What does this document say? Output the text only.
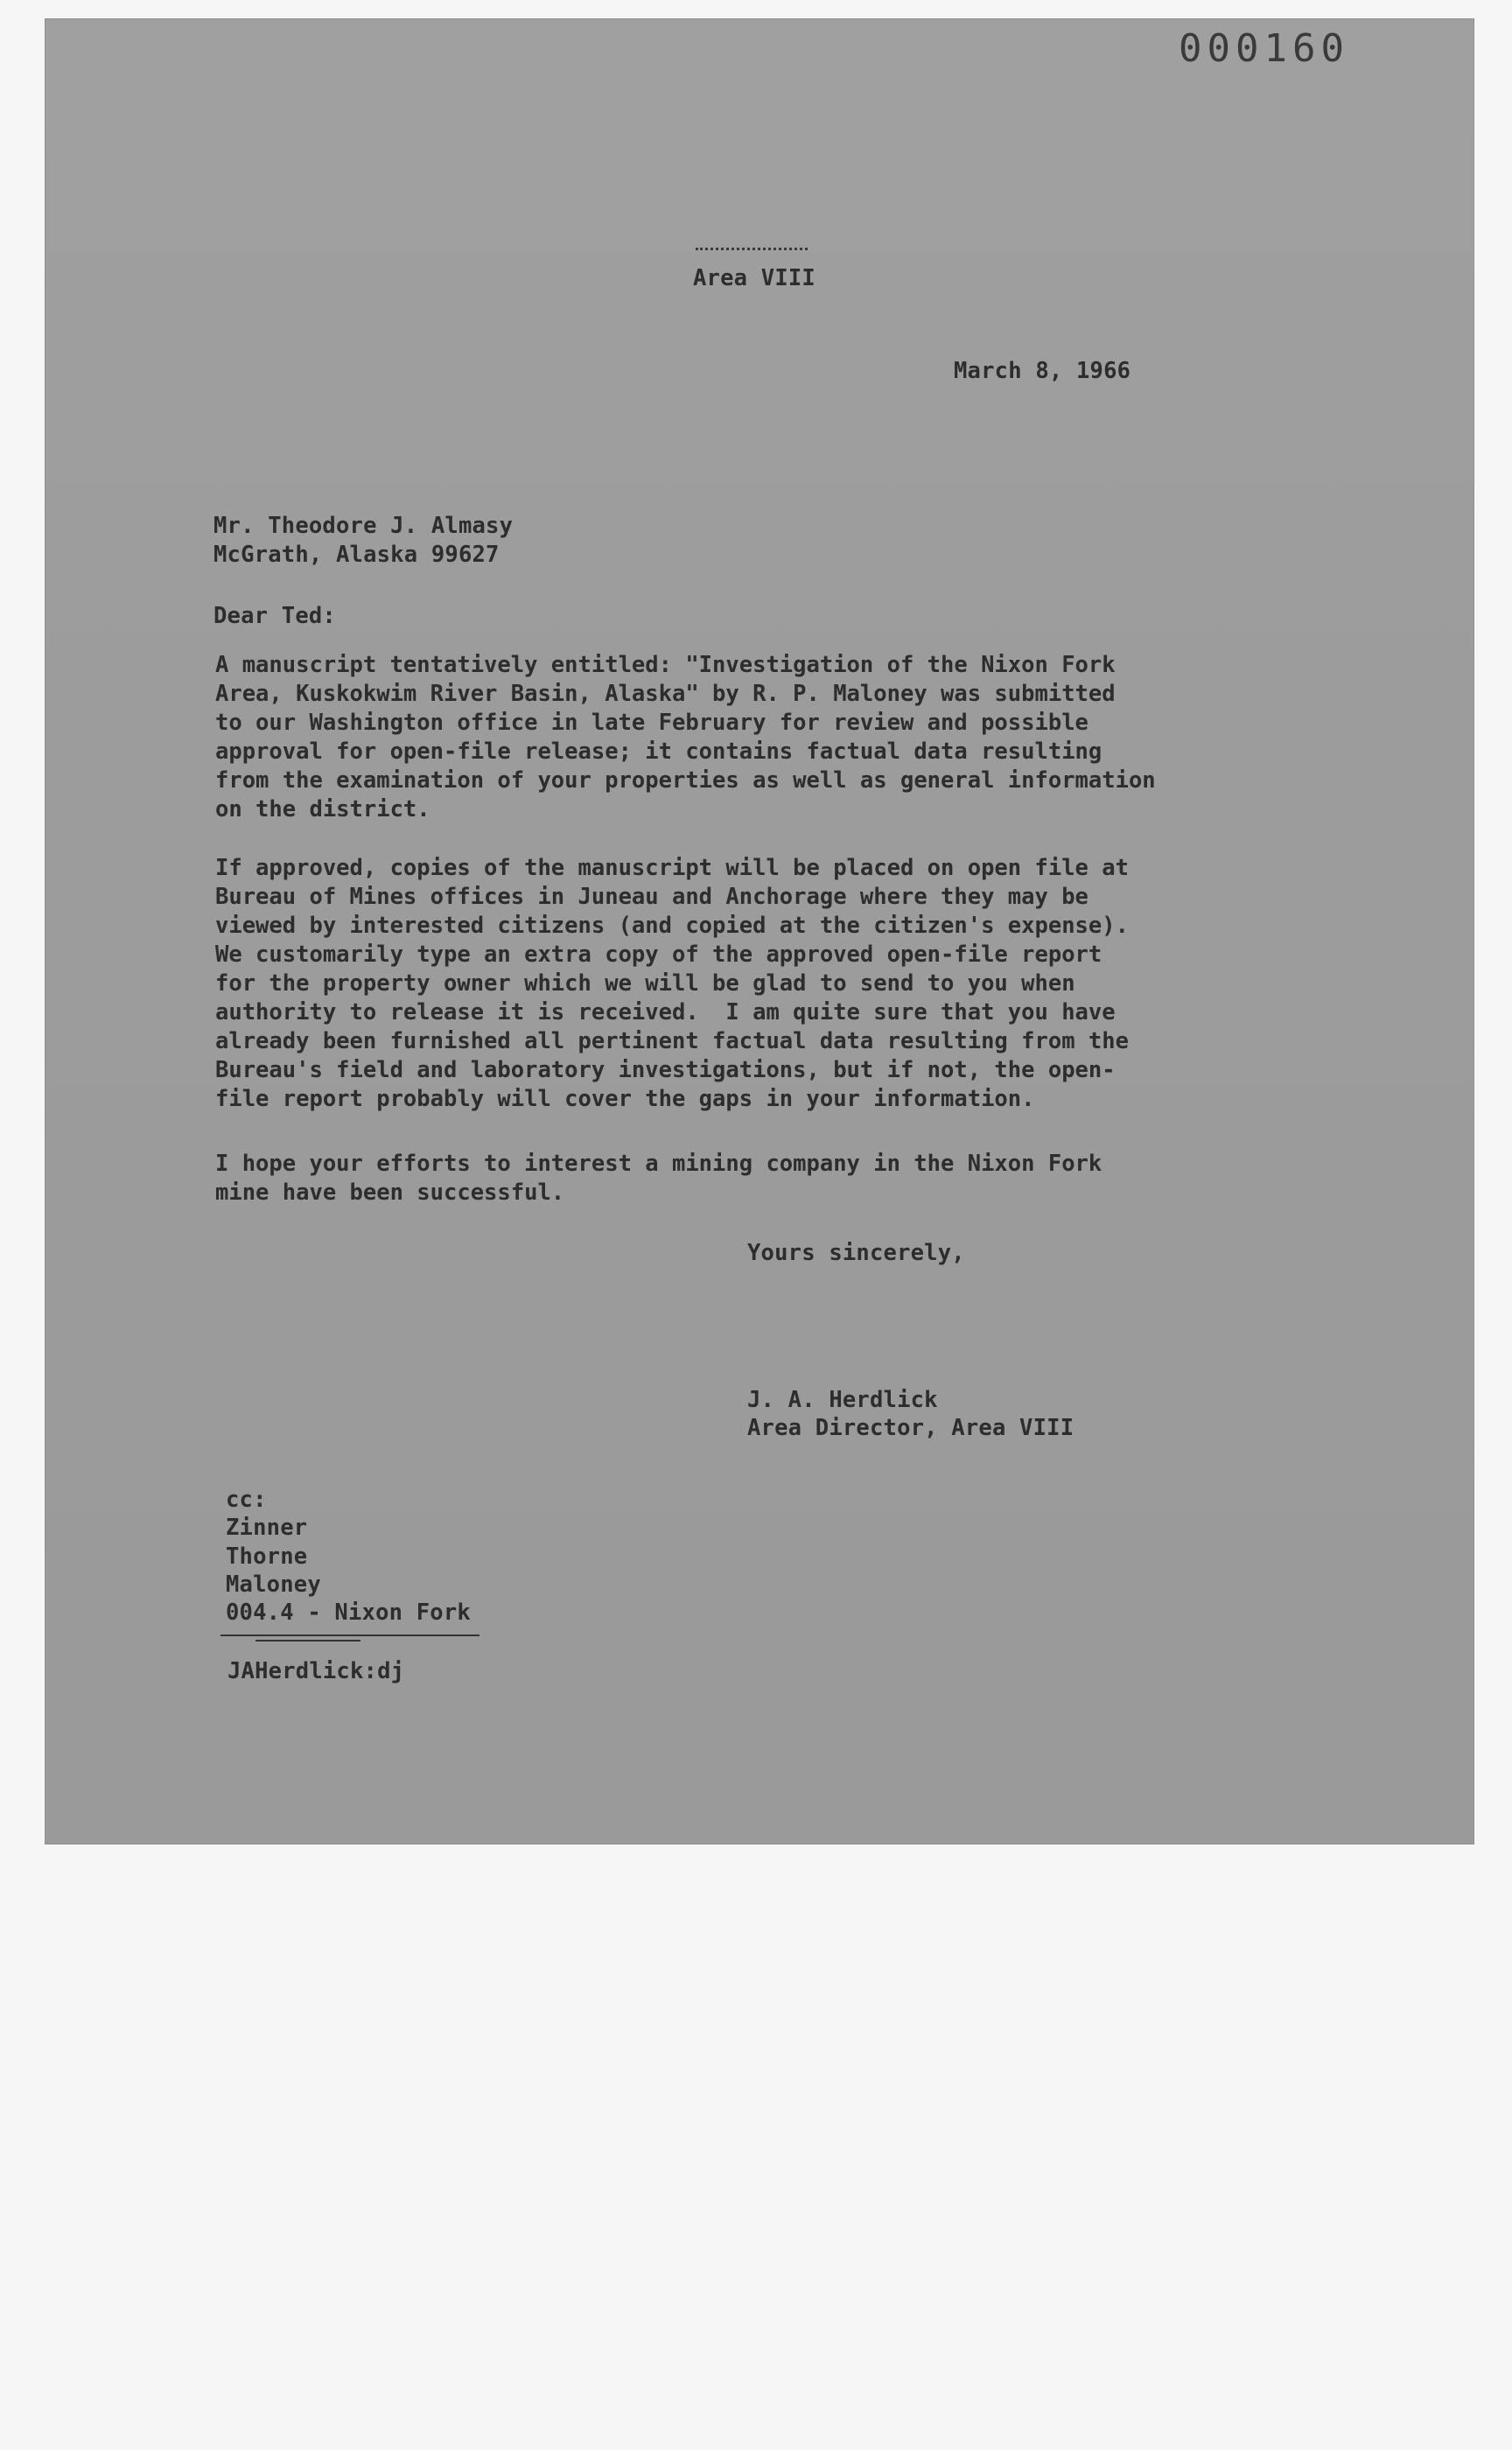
000160
Area VIII
March 8, 1966
Mr. Theodore J. Almasy
McGrath, Alaska 99627
Dear Ted:
A manuscript tentatively entitled: "Investigation of the Nixon Fork
Area, Kuskokwim River Basin, Alaska" by R. P. Maloney was submitted
to our Washington office in late February for review and possible
approval for open-file release; it contains factual data resulting
from the examination of your properties as well as general information
on the district.
If approved, copies of the manuscript will be placed on open file at
Bureau of Mines offices in Juneau and Anchorage where they may be
viewed by interested citizens (and copied at the citizen's expense).
We customarily type an extra copy of the approved open-file report
for the property owner which we will be glad to send to you when
authority to release it is received.  I am quite sure that you have
already been furnished all pertinent factual data resulting from the
Bureau's field and laboratory investigations, but if not, the open-
file report probably will cover the gaps in your information.
I hope your efforts to interest a mining company in the Nixon Fork
mine have been successful.
Yours sincerely,
J. A. Herdlick
Area Director, Area VIII
cc:
Zinner
Thorne
Maloney
004.4 - Nixon Fork
JAHerdlick:dj
